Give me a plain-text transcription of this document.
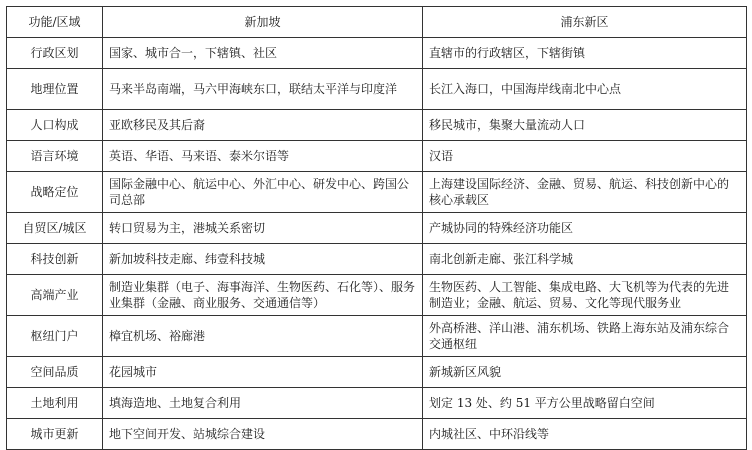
功能/区域	新加坡	浦东新区
行政区划	国家、城市合一，下辖镇、社区	直辖市的行政辖区，下辖街镇
地理位置	马来半岛南端，马六甲海峡东口，联结太平洋与印度洋	长江入海口，中国海岸线南北中心点
人口构成	亚欧移民及其后裔	移民城市，集聚大量流动人口
语言环境	英语、华语、马来语、泰米尔语等	汉语
战略定位	国际金融中心、航运中心、外汇中心、研发中心、跨国公司总部	上海建设国际经济、金融、贸易、航运、科技创新中心的核心承载区
自贸区/城区	转口贸易为主，港城关系密切	产城协同的特殊经济功能区
科技创新	新加坡科技走廊、纬壹科技城	南北创新走廊、张江科学城
高端产业	制造业集群（电子、海事海洋、生物医药、石化等）、服务业集群（金融、商业服务、交通通信等）	生物医药、人工智能、集成电路、大飞机等为代表的先进制造业；金融、航运、贸易、文化等现代服务业
枢纽门户	樟宜机场、裕廊港	外高桥港、洋山港、浦东机场、铁路上海东站及浦东综合交通枢纽
空间品质	花园城市	新城新区风貌
土地利用	填海造地、土地复合利用	划定 13 处、约 51 平方公里战略留白空间
城市更新	地下空间开发、站城综合建设	内城社区、中环沿线等
